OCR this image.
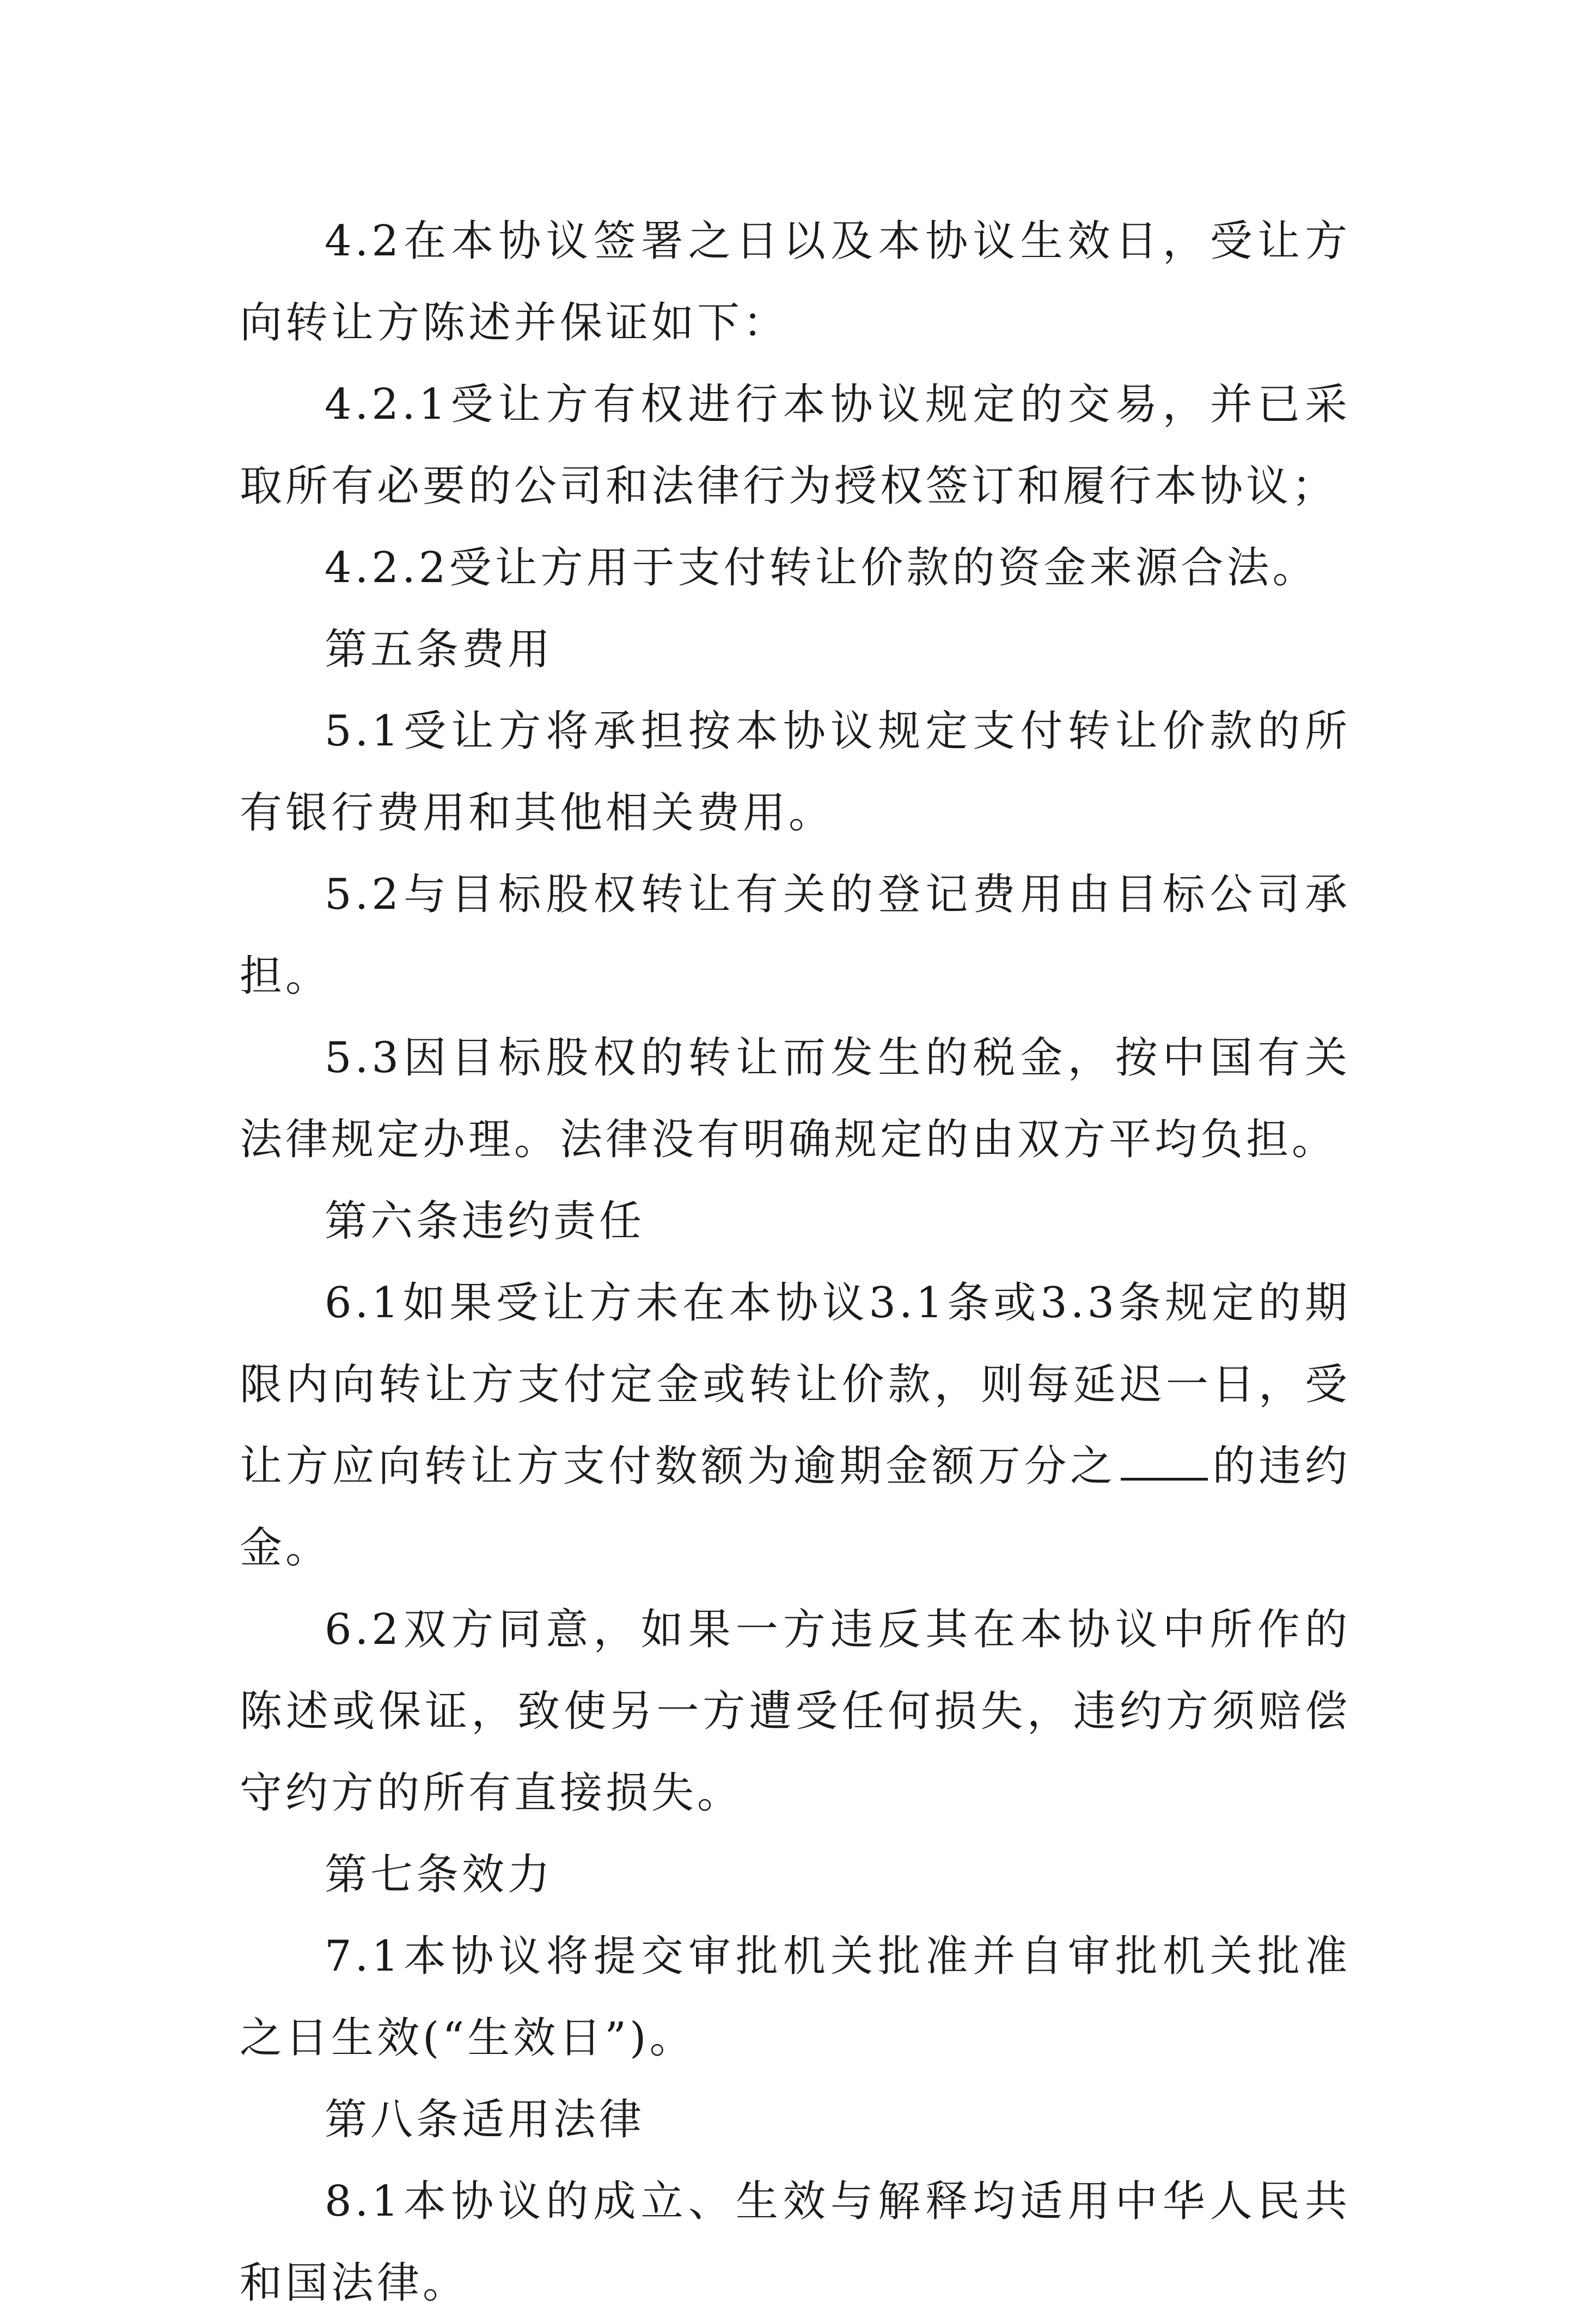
4.2在本协议签署之日以及本协议生效日，受让方向转让方陈述并保证如下：

4.2.1受让方有权进行本协议规定的交易，并已采取所有必要的公司和法律行为授权签订和履行本协议；

4.2.2受让方用于支付转让价款的资金来源合法。

第五条费用

5.1受让方将承担按本协议规定支付转让价款的所有银行费用和其他相关费用。

5.2与目标股权转让有关的登记费用由目标公司承担。

5.3因目标股权的转让而发生的税金，按中国有关法律规定办理。法律没有明确规定的由双方平均负担。

第六条违约责任

6.1如果受让方未在本协议3.1条或3.3条规定的期限内向转让方支付定金或转让价款，则每延迟一日，受让方应向转让方支付数额为逾期金额万分之 的违约金。

6.2双方同意，如果一方违反其在本协议中所作的陈述或保证，致使另一方遭受任何损失，违约方须赔偿守约方的所有直接损失。

第七条效力

7.1本协议将提交审批机关批准并自审批机关批准之日生效(“生效日”)。

第八条适用法律

8.1本协议的成立、生效与解释均适用中华人民共和国法律。
